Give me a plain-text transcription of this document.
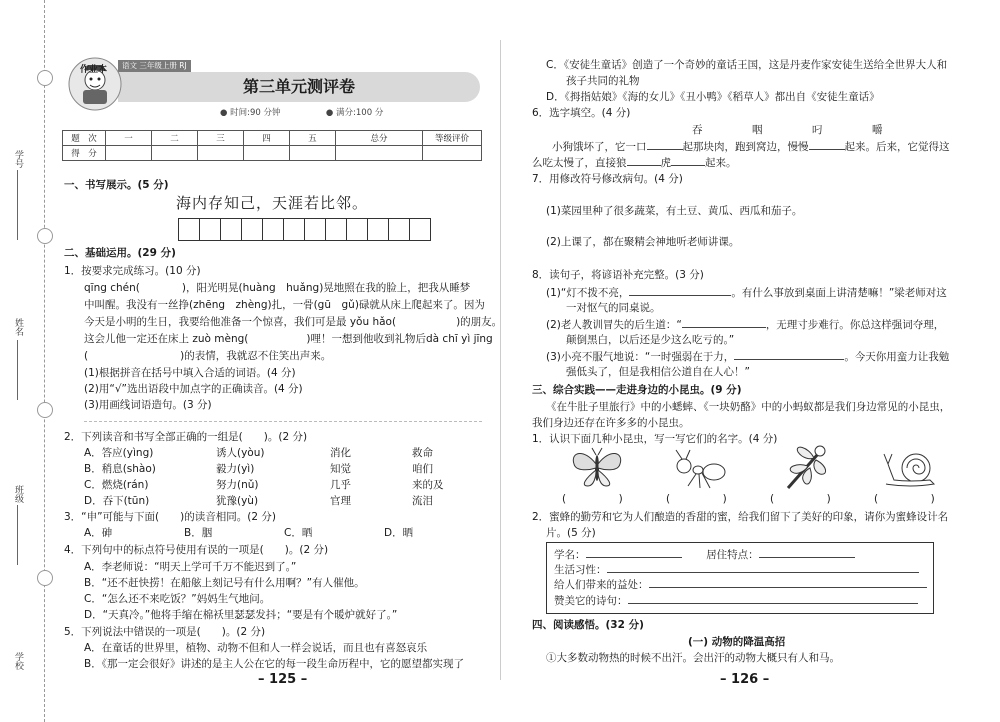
学号
姓名
班级
学校
语文 三年级上册 RJ
第三单元测评卷
作业本
● 时间:90 分钟	● 满分:100 分
题　次	一	二	三	四	五	总分	等级评价
得　分							
一、书写展示。(5 分)
海内存知己，天涯若比邻。
二、基础运用。(29 分)
1．按要求完成练习。(10 分)
qīng chén(	)，阳光明晃(huàng　huǎng)晃地照在我的脸上，把我从睡梦
中叫醒。我没有一丝挣(zhēng　zhèng)扎，一骨(gū　gǔ)碌就从床上爬起来了。因为
今天是小明的生日，我要给他准备一个惊喜，我们可是最 yǒu hǎo(	)的朋友。
这会儿他一定还在床上 zuò mèng(	)哩！一想到他收到礼物后dà chī yì jīng
(	)的表情，我就忍不住笑出声来。
(1)根据拼音在括号中填入合适的词语。(4 分)
(2)用“√”选出语段中加点字的正确读音。(4 分)
(3)用画线词语造句。(3 分)
2．下列读音和书写全部正确的一组是(　　)。(2 分)
A．答应(yìng)	诱人(yòu)	消化	救命
B．稍息(shào)	毅力(yì)	知觉	咱们
C．燃烧(rán)	努力(nǔ)	几乎	来的及
D．吞下(tūn)	犹豫(yù)	官理	流泪
3．“申”可能与下面(　　)的读音相同。(2 分)
A．砷	B．胭	C．晒	D．晒
4．下列句中的标点符号使用有误的一项是(　　)。(2 分)
A．李老师说：“明天上学可千万不能迟到了。”
B．“还不赶快捞！在船舷上刻记号有什么用啊？”有人催他。
C．“怎么还不来吃饭？”妈妈生气地问。
D．“天真冷。”他将手缩在棉袄里瑟瑟发抖；“要是有个暖炉就好了。”
5．下列说法中错误的一项是(　　)。(2 分)
A．在童话的世界里，植物、动物不但和人一样会说话，而且也有喜怒哀乐
B．《那一定会很好》讲述的是主人公在它的每一段生命历程中，它的愿望都实现了
– 125 –
C．《安徒生童话》创造了一个奇妙的童话王国，这是丹麦作家安徒生送给全世界大人和
孩子共同的礼物
D．《拇指姑娘》《海的女儿》《丑小鸭》《稻草人》都出自《安徒生童话》
6．选字填空。(4 分)
吞	咽	叼	嚼
小狗饿坏了，它一口	起那块肉，跑到窝边，慢慢	起来。后来，它觉得这
么吃太慢了，直接狼	虎	起来。
7．用修改符号修改病句。(4 分)
(1)菜园里种了很多蔬菜，有土豆、黄瓜、西瓜和茄子。
(2)上课了，都在聚精会神地听老师讲课。
8．读句子，将谚语补充完整。(3 分)
(1)“灯不拨不亮，	。有什么事放到桌面上讲清楚嘛！”梁老师对这
一对怄气的同桌说。
(2)老人教训冒失的后生道：“	，无理寸步难行。你总这样强词夺理，
颠倒黑白，以后还是少这么吃亏的。”
(3)小亮不服气地说：“一时强弱在于力，	。今天你用蛮力让我勉
强低头了，但是我相信公道自在人心！”
三、综合实践——走进身边的小昆虫。(9 分)
《在牛肚子里旅行》中的小蟋蟀、《一块奶酪》中的小蚂蚁都是我们身边常见的小昆虫，
我们身边还存在许多多的小昆虫。
1．认识下面几种小昆虫，写一写它们的名字。(4 分)
(　　　　　)	(　　　　　)	(　　　　　)	(　　　　　)
2．蜜蜂的勤劳和它为人们酿造的香甜的蜜，给我们留下了美好的印象，请你为蜜蜂设计名
片。(5 分)
学名：	居住特点：
生活习性：
给人们带来的益处：
赞美它的诗句：
四、阅读感悟。(32 分)
(一) 动物的降温高招
①大多数动物热的时候不出汗。会出汗的动物大概只有人和马。
– 126 –
